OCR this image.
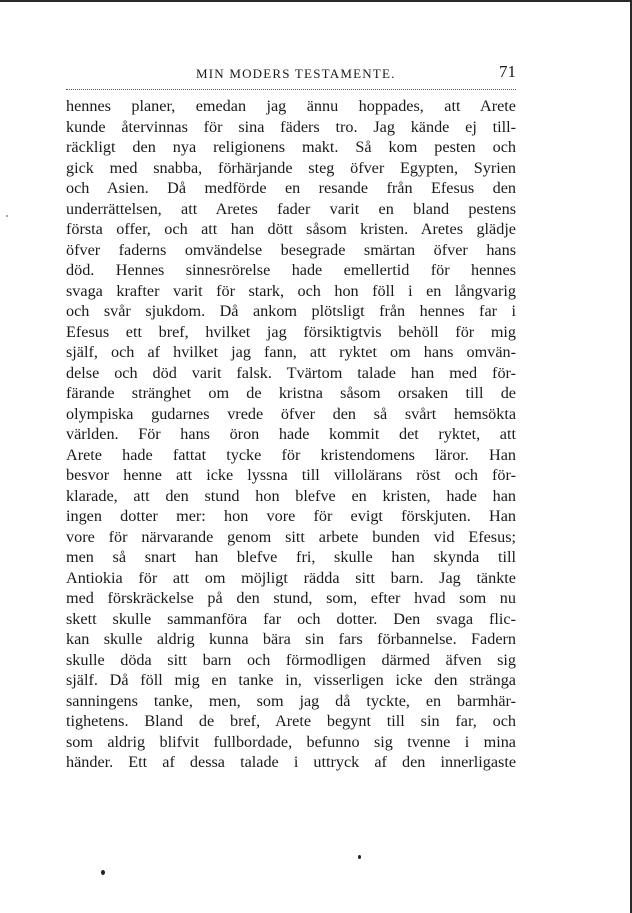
MIN MODERS TESTAMENTE.	71
hennes planer, emedan jag ännu hoppades, att Arete
kunde återvinnas för sina fäders tro. Jag kände ej till-
räckligt den nya religionens makt. Så kom pesten och
gick med snabba, förhärjande steg öfver Egypten, Syrien
och Asien. Då medförde en resande från Efesus den
underrättelsen, att Aretes fader varit en bland pestens
första offer, och att han dött såsom kristen. Aretes glädje
öfver faderns omvändelse besegrade smärtan öfver hans
död. Hennes sinnesrörelse hade emellertid för hennes
svaga krafter varit för stark, och hon föll i en långvarig
och svår sjukdom. Då ankom plötsligt från hennes far i
Efesus ett bref, hvilket jag försiktigtvis behöll för mig
själf, och af hvilket jag fann, att ryktet om hans omvän-
delse och död varit falsk. Tvärtom talade han med för-
färande stränghet om de kristna såsom orsaken till de
olympiska gudarnes vrede öfver den så svårt hemsökta
världen. För hans öron hade kommit det ryktet, att
Arete hade fattat tycke för kristendomens läror. Han
besvor henne att icke lyssna till villolärans röst och för-
klarade, att den stund hon blefve en kristen, hade han
ingen dotter mer: hon vore för evigt förskjuten. Han
vore för närvarande genom sitt arbete bunden vid Efesus;
men så snart han blefve fri, skulle han skynda till
Antiokia för att om möjligt rädda sitt barn. Jag tänkte
med förskräckelse på den stund, som, efter hvad som nu
skett skulle sammanföra far och dotter. Den svaga flic-
kan skulle aldrig kunna bära sin fars förbannelse. Fadern
skulle döda sitt barn och förmodligen därmed äfven sig
själf. Då föll mig en tanke in, visserligen icke den stränga
sanningens tanke, men, som jag då tyckte, en barmhär-
tighetens. Bland de bref, Arete begynt till sin far, och
som aldrig blifvit fullbordade, befunno sig tvenne i mina
händer. Ett af dessa talade i uttryck af den innerligaste
